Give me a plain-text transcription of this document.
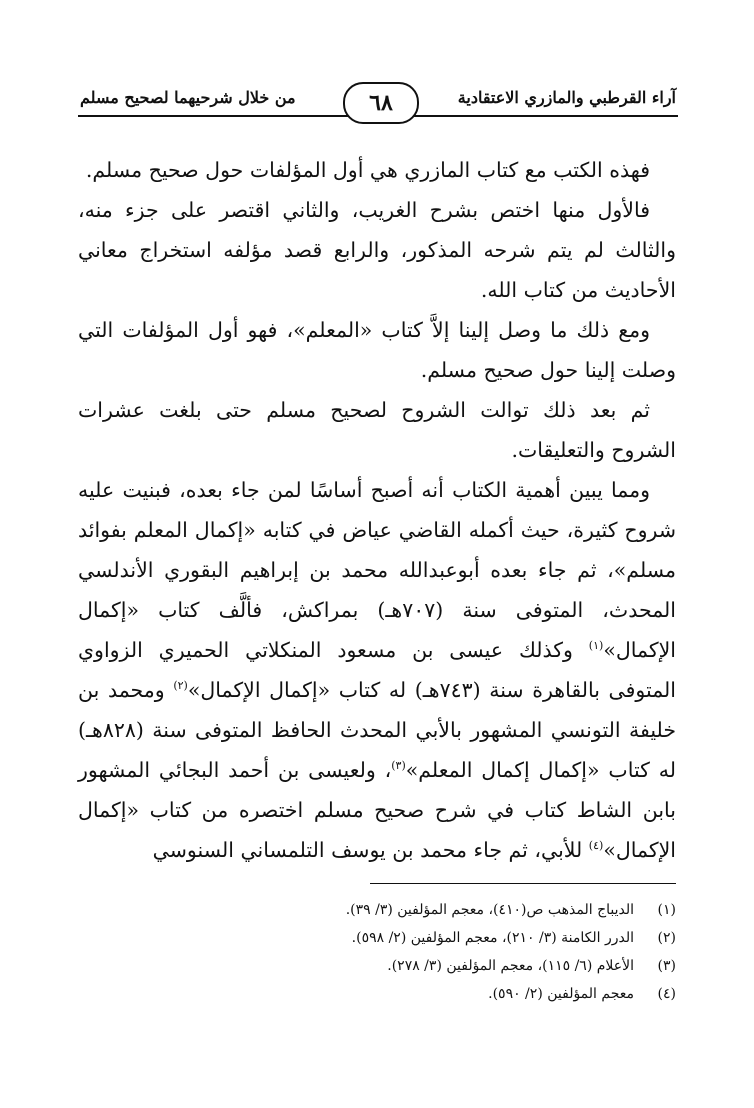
آراء القرطبي والمازري الاعتقادية
من خلال شرحيهما لصحيح مسلم	٦٨

فهذه الكتب مع كتاب المازري هي أول المؤلفات حول صحيح مسلم.

فالأول منها اختص بشرح الغريب، والثاني اقتصر على جزء منه، والثالث لم يتم شرحه المذكور، والرابع قصد مؤلفه استخراج معاني الأحاديث من كتاب الله.

ومع ذلك ما وصل إلينا إلاَّ كتاب «المعلم»، فهو أول المؤلفات التي وصلت إلينا حول صحيح مسلم.

ثم بعد ذلك توالت الشروح لصحيح مسلم حتى بلغت عشرات الشروح والتعليقات.

ومما يبين أهمية الكتاب أنه أصبح أساسًا لمن جاء بعده، فبنيت عليه شروح كثيرة، حيث أكمله القاضي عياض في كتابه «إكمال المعلم بفوائد مسلم»، ثم جاء بعده أبوعبدالله محمد بن إبراهيم البقوري الأندلسي المحدث، المتوفى سنة (٧٠٧هـ) بمراكش، فألَّف كتاب «إكمال الإكمال»$^{(١)}$ وكذلك عيسى بن مسعود المنكلاتي الحميري الزواوي المتوفى بالقاهرة سنة (٧٤٣هـ) له كتاب «إكمال الإكمال»$^{(٢)}$ ومحمد بن خليفة التونسي المشهور بالأبي المحدث الحافظ المتوفى سنة (٨٢٨هـ) له كتاب «إكمال إكمال المعلم»$^{(٣)}$، ولعيسى بن أحمد البجائي المشهور بابن الشاط كتاب في شرح صحيح مسلم اختصره من كتاب «إكمال الإكمال»$^{(٤)}$ للأبي، ثم جاء محمد بن يوسف التلمساني السنوسي

(١)
الديباج المذهب ص(٤١٠)، معجم المؤلفين (٣/ ٣٩).
(٢)
الدرر الكامنة (٣/ ٢١٠)، معجم المؤلفين (٢/ ٥٩٨).
(٣)
الأعلام (٦/ ١١٥)، معجم المؤلفين (٣/ ٢٧٨).
(٤)
معجم المؤلفين (٢/ ٥٩٠).
